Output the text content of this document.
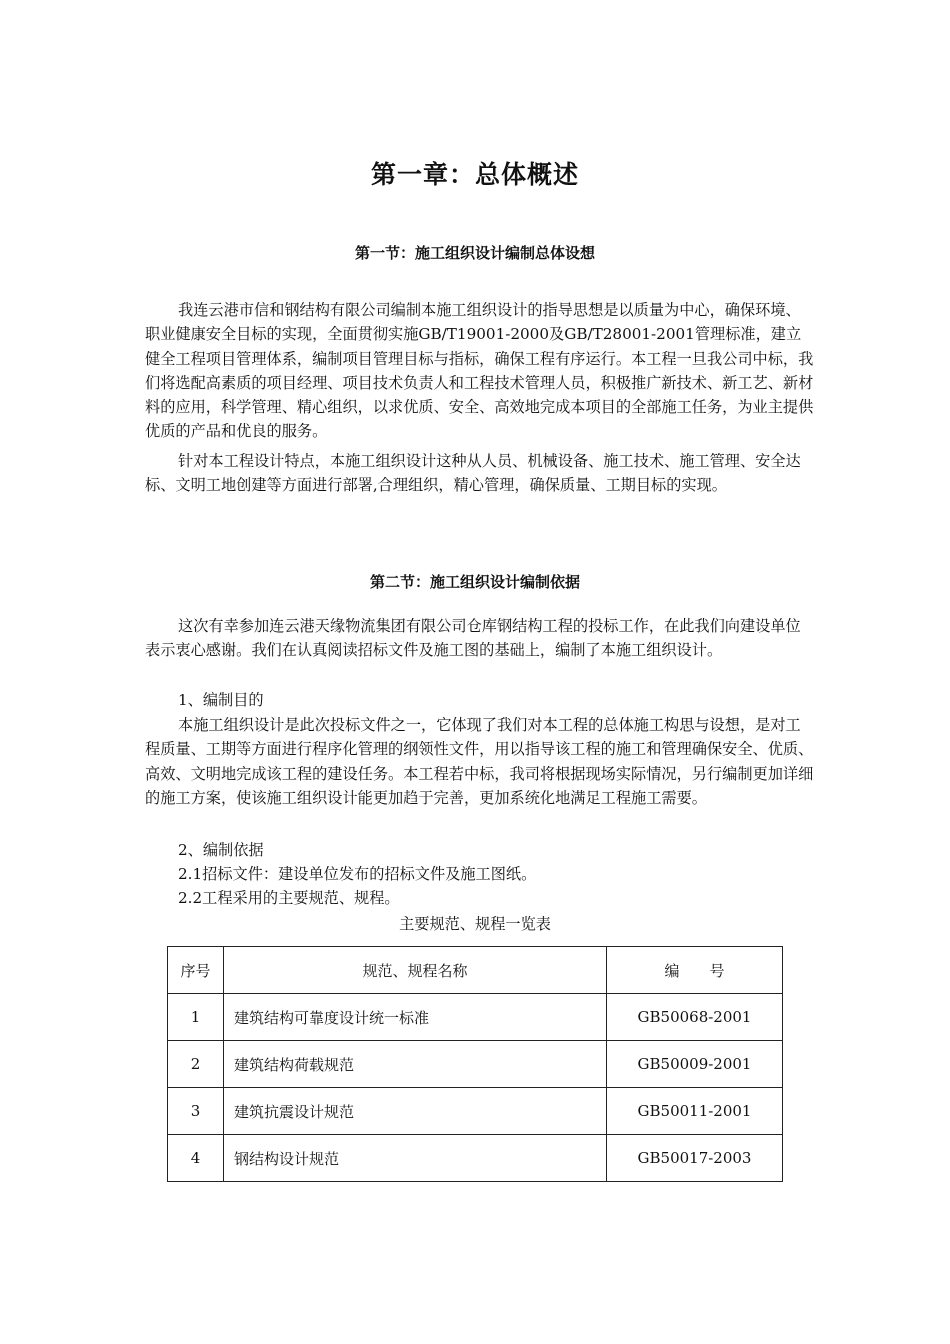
第一章：总体概述
第一节：施工组织设计编制总体设想
我连云港市信和钢结构有限公司编制本施工组织设计的指导思想是以质量为中心，确保环境、职业健康安全目标的实现，全面贯彻实施GB/T19001-2000及GB/T28001-2001管理标准，建立健全工程项目管理体系，编制项目管理目标与指标，确保工程有序运行。本工程一旦我公司中标，我们将选配高素质的项目经理、项目技术负责人和工程技术管理人员，积极推广新技术、新工艺、新材料的应用，科学管理、精心组织，以求优质、安全、高效地完成本项目的全部施工任务，为业主提供优质的产品和优良的服务。
针对本工程设计特点，本施工组织设计这种从人员、机械设备、施工技术、施工管理、安全达标、文明工地创建等方面进行部署,合理组织，精心管理，确保质量、工期目标的实现。
第二节：施工组织设计编制依据
这次有幸参加连云港天缘物流集团有限公司仓库钢结构工程的投标工作，在此我们向建设单位表示衷心感谢。我们在认真阅读招标文件及施工图的基础上，编制了本施工组织设计。
1、编制目的
本施工组织设计是此次投标文件之一，它体现了我们对本工程的总体施工构思与设想，是对工程质量、工期等方面进行程序化管理的纲领性文件，用以指导该工程的施工和管理确保安全、优质、高效、文明地完成该工程的建设任务。本工程若中标，我司将根据现场实际情况，另行编制更加详细的施工方案，使该施工组织设计能更加趋于完善，更加系统化地满足工程施工需要。
2、编制依据
2.1招标文件：建设单位发布的招标文件及施工图纸。
2.2工程采用的主要规范、规程。
主要规范、规程一览表
序号	规范、规程名称	编　　号
1	建筑结构可靠度设计统一标准	GB50068-2001
2	建筑结构荷载规范	GB50009-2001
3	建筑抗震设计规范	GB50011-2001
4	钢结构设计规范	GB50017-2003
